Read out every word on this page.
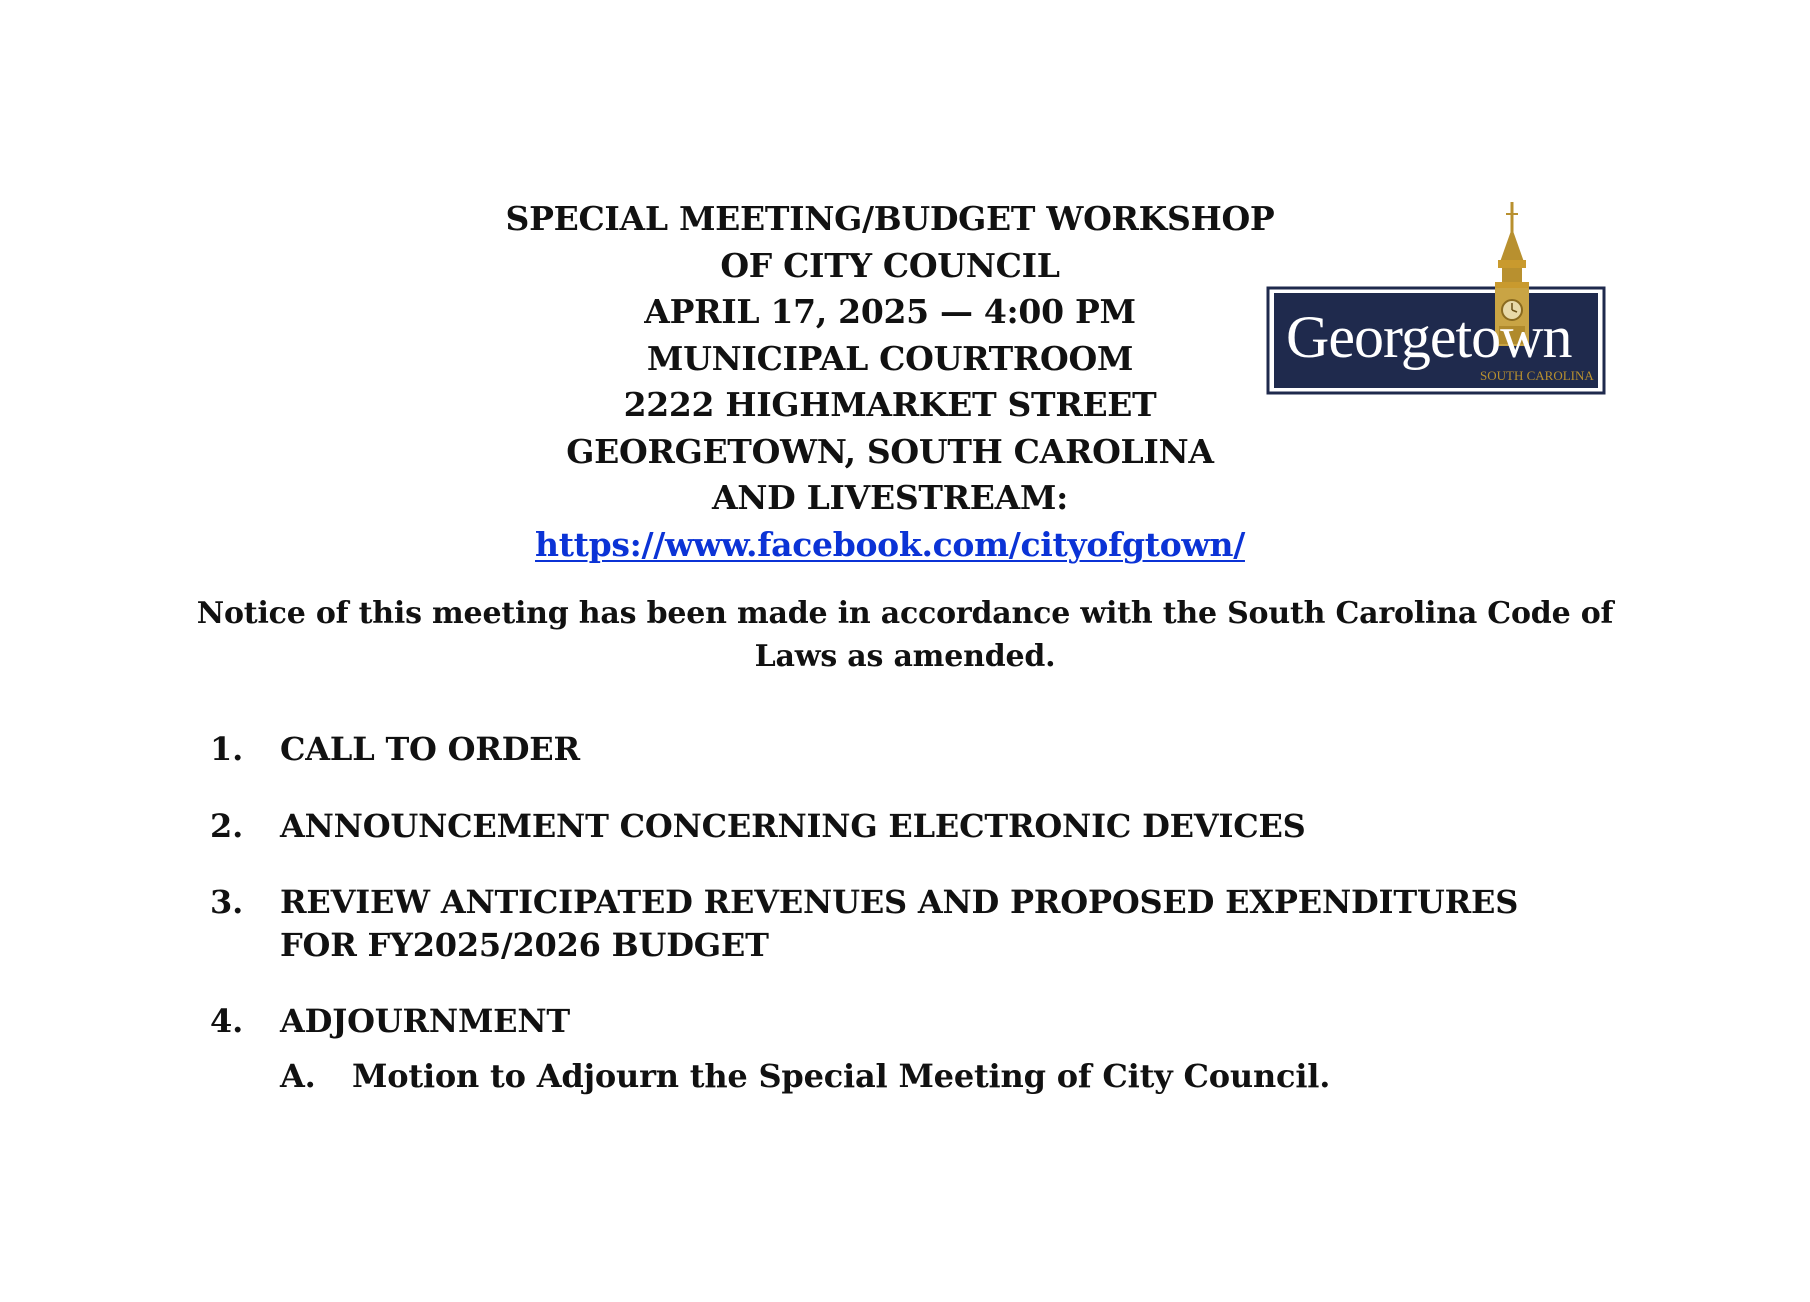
SPECIAL MEETING/BUDGET WORKSHOP
OF CITY COUNCIL
APRIL 17, 2025 — 4:00 PM
MUNICIPAL COURTROOM
2222 HIGHMARKET STREET
GEORGETOWN, SOUTH CAROLINA
AND LIVESTREAM:
https://www.facebook.com/cityofgtown/
Georgetown
SOUTH CAROLINA
Notice of this meeting has been made in accordance with the South Carolina Code of Laws as amended.
1.	CALL TO ORDER
2.	ANNOUNCEMENT CONCERNING ELECTRONIC DEVICES
3.	REVIEW ANTICIPATED REVENUES AND PROPOSED EXPENDITURES FOR FY2025/2026 BUDGET
4.	ADJOURNMENT
A. Motion to Adjourn the Special Meeting of City Council.
